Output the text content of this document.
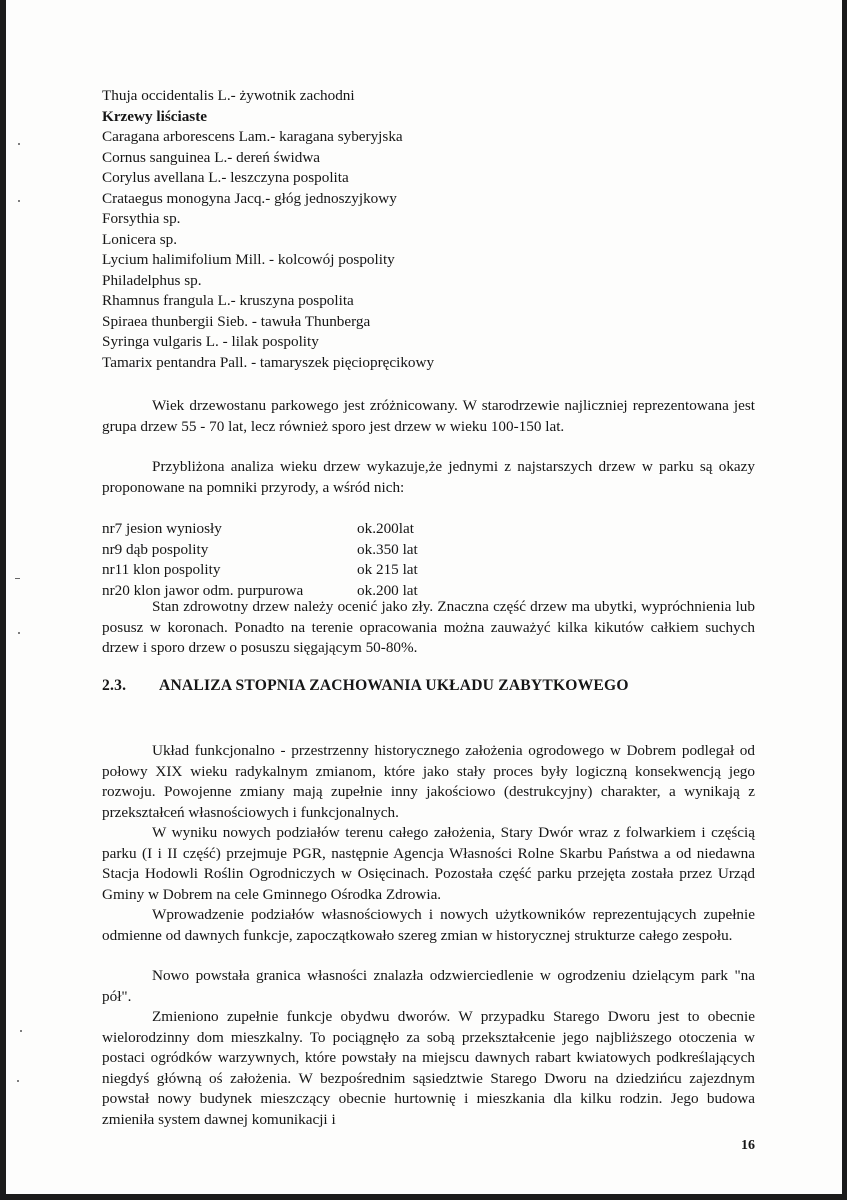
Thuja occidentalis L.- żywotnik zachodni
Krzewy liściaste
Caragana arborescens Lam.- karagana syberyjska
Cornus sanguinea L.- dereń świdwa
Corylus avellana L.- leszczyna pospolita
Crataegus monogyna Jacq.- głóg jednoszyjkowy
Forsythia sp.
Lonicera sp.
Lycium halimifolium Mill. - kolcowój pospolity
Philadelphus sp.
Rhamnus frangula L.- kruszyna pospolita
Spiraea thunbergii Sieb. - tawuła Thunberga
Syringa vulgaris L. - lilak pospolity
Tamarix pentandra Pall. - tamaryszek pięciopręcikowy

Wiek drzewostanu parkowego jest zróżnicowany. W starodrzewie najliczniej reprezentowana jest grupa drzew 55 - 70 lat, lecz również sporo jest drzew w wieku 100-150 lat.

Przybliżona analiza wieku drzew wykazuje,że jednymi z najstarszych drzew w parku są okazy proponowane na pomniki przyrody, a wśród nich:

nr7 jesion wyniosły	ok.200lat
nr9 dąb pospolity	ok.350 lat
nr11 klon pospolity	ok 215 lat
nr20 klon jawor odm. purpurowa	ok.200 lat

Stan zdrowotny drzew należy ocenić jako zły. Znaczna część drzew ma ubytki, wypróchnienia lub posusz w koronach. Ponadto na terenie opracowania można zauważyć kilka kikutów całkiem suchych drzew i sporo drzew o posuszu sięgającym 50-80%.

2.3. ANALIZA STOPNIA ZACHOWANIA UKŁADU ZABYTKOWEGO

Układ funkcjonalno - przestrzenny historycznego założenia ogrodowego w Dobrem podlegał od połowy XIX wieku radykalnym zmianom, które jako stały proces były logiczną konsekwencją jego rozwoju. Powojenne zmiany mają zupełnie inny jakościowo (destrukcyjny) charakter, a wynikają z przekształceń własnościowych i funkcjonalnych.

W wyniku nowych podziałów terenu całego założenia, Stary Dwór wraz z folwarkiem i częścią parku (I i II część) przejmuje PGR, następnie Agencja Własności Rolne Skarbu Państwa a od niedawna Stacja Hodowli Roślin Ogrodniczych w Osięcinach. Pozostała część parku przejęta została przez Urząd Gminy w Dobrem na cele Gminnego Ośrodka Zdrowia.

Wprowadzenie podziałów własnościowych i nowych użytkowników reprezentujących zupełnie odmienne od dawnych funkcje, zapoczątkowało szereg zmian w historycznej strukturze całego zespołu.

Nowo powstała granica własności znalazła odzwierciedlenie w ogrodzeniu dzielącym park "na pół".

Zmieniono zupełnie funkcje obydwu dworów. W przypadku Starego Dworu jest to obecnie wielorodzinny dom mieszkalny. To pociągnęło za sobą przekształcenie jego najbliższego otoczenia w postaci ogródków warzywnych, które powstały na miejscu dawnych rabart kwiatowych podkreślających niegdyś główną oś założenia. W bezpośrednim sąsiedztwie Starego Dworu na dziedzińcu zajezdnym powstał nowy budynek mieszczący obecnie hurtownię i mieszkania dla kilku rodzin. Jego budowa zmieniła system dawnej komunikacji i

16
